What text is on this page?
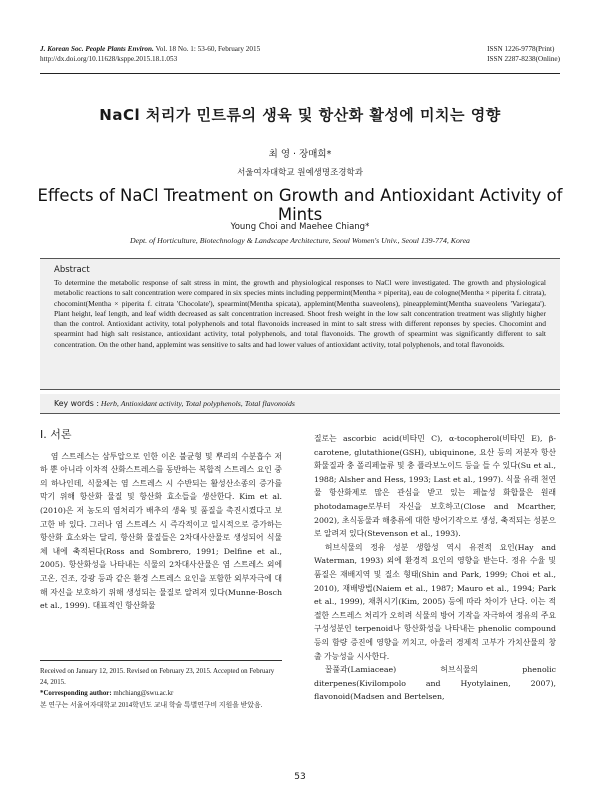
J. Korean Soc. People Plants Environ. Vol. 18 No. 1: 53-60, February 2015
http://dx.doi.org/10.11628/ksppe.2015.18.1.053
ISSN 1226-9778(Print)
ISSN 2287-8238(Online)
NaCl 처리가 민트류의 생육 및 항산화 활성에 미치는 영향
최 영 · 장매희*
서울여자대학교 원예생명조경학과
Effects of NaCl Treatment on Growth and Antioxidant Activity of Mints
Young Choi and Maehee Chiang*
Dept. of Horticulture, Biotechnology & Landscape Architecture, Seoul Women's Univ., Seoul 139-774, Korea
Abstract
To determine the metabolic response of salt stress in mint, the growth and physiological responses to NaCl were investigated. The growth and physiological metabolic reactions to salt concentration were compared in six species mints including peppermint(Mentha × piperita), eau de cologne(Mentha × piperita f. citrata), chocomint(Mentha × piperita f. citrata 'Chocolate'), spearmint(Mentha spicata), applemint(Mentha suaveolens), pineapplemint(Mentha suaveolens 'Variegata'). Plant height, leaf length, and leaf width decreased as salt concentration increased. Shoot fresh weight in the low salt concentration treatment was slightly higher than the control. Antioxidant activity, total polyphenols and total flavonoids increased in mint to salt stress with different reponses by species. Chocomint and spearmint had high salt resistance, antioxidant activity, total polyphenols, and total flavonoids. The growth of spearmint was significantly different to salt concentration. On the other hand, applemint was sensitive to salts and had lower values of antioxidant activity, total polyphenols, and total flavonoids.
Key words : Herb, Antioxidant activity, Total polyphenols, Total flavonoids
Ⅰ. 서론

염 스트레스는 삼투압으로 인한 이온 불균형 및 뿌리의 수분흡수 저하 뿐 아니라 이차적 산화스트레스를 동반하는 복합적 스트레스 요인 중의 하나인데, 식물체는 염 스트레스 시 수반되는 활성산소종의 증가를 막기 위해 항산화 물질 및 항산화 효소들을 생산한다. Kim et al.(2010)은 저 농도의 염처리가 배추의 생육 및 품질을 촉진시켰다고 보고한 바 있다. 그러나 염 스트레스 시 즉각적이고 일시적으로 증가하는 항산화 효소와는 달리, 항산화 물질들은 2차대사산물로 생성되어 식물체 내에 축적된다(Ross and Sombrero, 1991; Delfine et al., 2005). 항산화성을 나타내는 식물의 2차대사산물은 염 스트레스 외에 고온, 건조, 강광 등과 같은 환경 스트레스 요인을 포함한 외부자극에 대해 자신을 보호하기 위해 생성되는 물질로 알려져 있다(Munne-Bosch et al., 1999). 대표적인 항산화물

질로는 ascorbic acid(비타민 C), α-tocopherol(비타민 E), β-carotene, glutathione(GSH), ubiquinone, 요산 등의 저분자 항산화물질과 충 폴리페놀류 및 충 플라보노이드 등을 들 수 있다(Su et al., 1988; Alsher and Hess, 1993; Last et al., 1997). 식물 유래 천연물 항산화제로 많은 관심을 받고 있는 페놀성 화합물은 원래 photodamage로부터 자신을 보호하고(Close and Mcarther, 2002), 초식동물과 해충류에 대한 방어기작으로 생성, 축적되는 성분으로 알려져 있다(Stevenson et al., 1993).

허브식물의 정유 성분 생합성 역시 유전적 요인(Hay and Waterman, 1993) 외에 환경적 요인의 영향을 받는다. 정유 수율 및 품질은 재배지역 및 질소 형태(Shin and Park, 1999; Choi et al., 2010), 재배방법(Naiem et al., 1987; Mauro et al., 1994; Park et al., 1999), 채취시기(Kim, 2005) 등에 따라 차이가 난다. 이는 적절한 스트레스 처리가 오히려 식물의 방어 기작을 자극하여 정유의 주요 구성성분인 terpenoid나 항산화성을 나타내는 phenolic compound 등의 함량 증진에 영향을 끼치고, 아울러 경제적 고부가 가치산물의 창출 가능성을 시사한다.

꿀풀과(Lamiaceae) 허브식물의 phenolic diterpenes(Kivilompolo and Hyotylainen, 2007), flavonoid(Madsen and Bertelsen,

Received on January 12, 2015. Revised on February 23, 2015. Accepted on February 24, 2015.
*Corresponding author: mhchiang@swu.ac.kr
본 연구는 서울여자대학교 2014학년도 교내 학술 특별연구비 지원을 받았음.
53
